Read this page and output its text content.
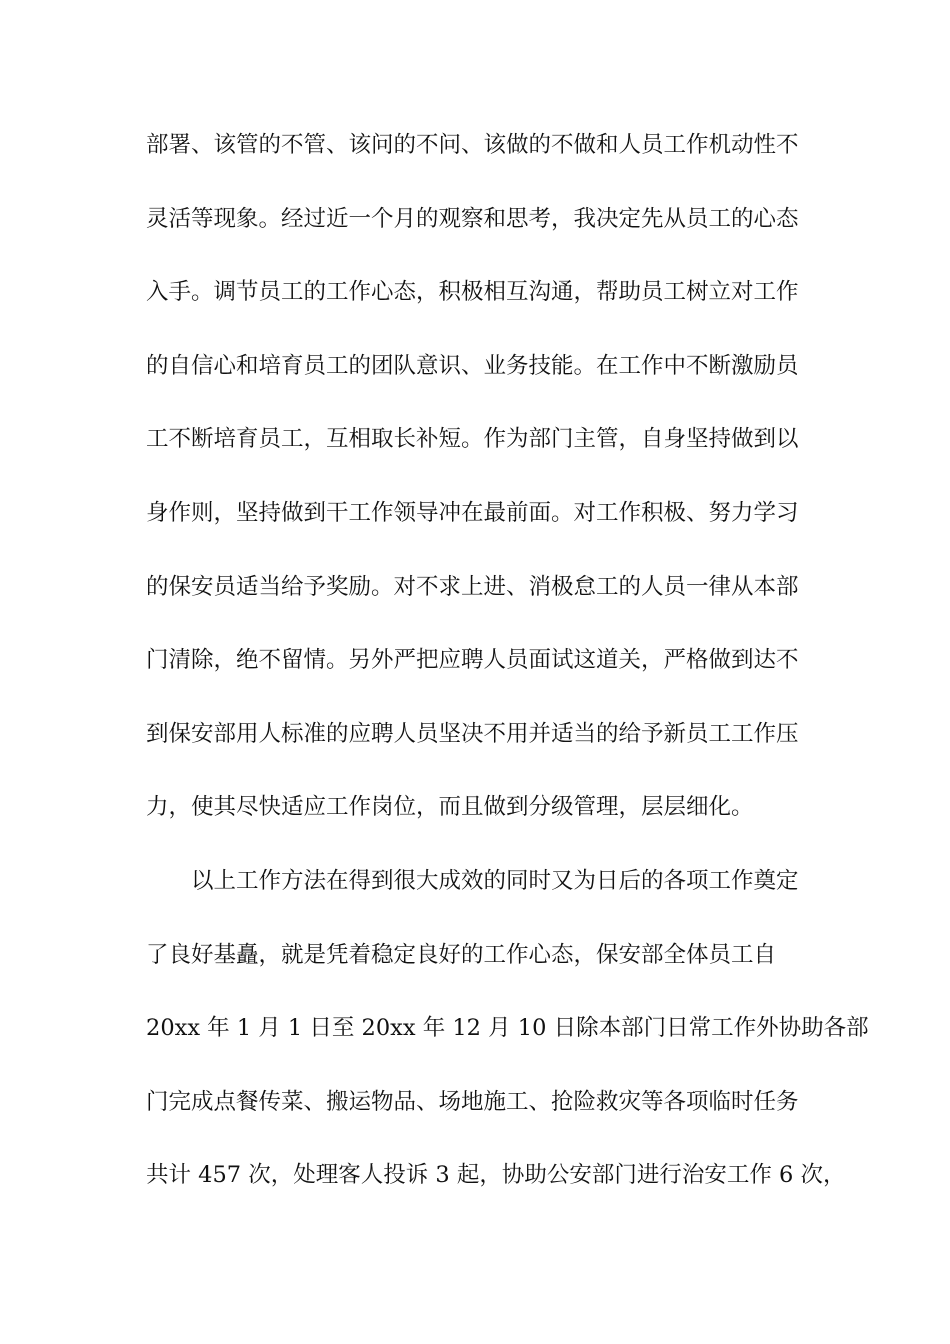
部署、该管的不管、该问的不问、该做的不做和人员工作机动性不
灵活等现象。经过近一个月的观察和思考，我决定先从员工的心态
入手。调节员工的工作心态，积极相互沟通，帮助员工树立对工作
的自信心和培育员工的团队意识、业务技能。在工作中不断激励员
工不断培育员工，互相取长补短。作为部门主管，自身坚持做到以
身作则，坚持做到干工作领导冲在最前面。对工作积极、努力学习
的保安员适当给予奖励。对不求上进、消极怠工的人员一律从本部
门清除，绝不留情。另外严把应聘人员面试这道关，严格做到达不
到保安部用人标准的应聘人员坚决不用并适当的给予新员工工作压
力，使其尽快适应工作岗位，而且做到分级管理，层层细化。
以上工作方法在得到很大成效的同时又为日后的各项工作奠定
了良好基矗，就是凭着稳定良好的工作心态，保安部全体员工自
20xx 年 1 月 1 日至 20xx 年 12 月 10 日除本部门日常工作外协助各部
门完成点餐传菜、搬运物品、场地施工、抢险救灾等各项临时任务
共计 457 次，处理客人投诉 3 起，协助公安部门进行治安工作 6 次，
